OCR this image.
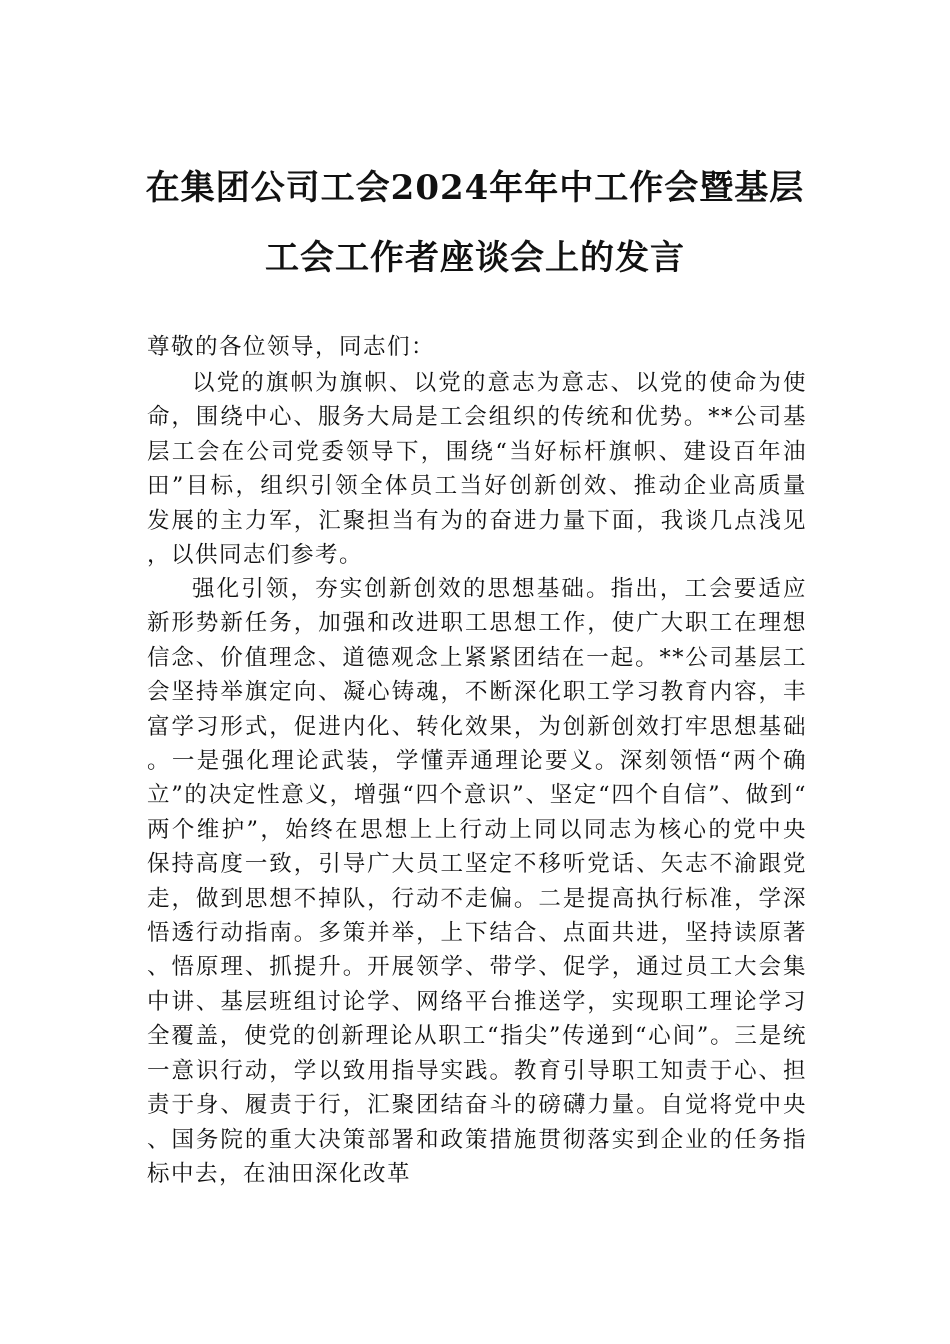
在集团公司工会2024年年中工作会暨基层
工会工作者座谈会上的发言
尊敬的各位领导，同志们：
以党的旗帜为旗帜、以党的意志为意志、以党的使命为使命，围绕中心、服务大局是工会组织的传统和优势。**公司基层工会在公司党委领导下，围绕“当好标杆旗帜、建设百年油田”目标，组织引领全体员工当好创新创效、推动企业高质量发展的主力军，汇聚担当有为的奋进力量下面，我谈几点浅见，以供同志们参考。
强化引领，夯实创新创效的思想基础。指出，工会要适应新形势新任务，加强和改进职工思想工作，使广大职工在理想信念、价值理念、道德观念上紧紧团结在一起。**公司基层工会坚持举旗定向、凝心铸魂，不断深化职工学习教育内容，丰富学习形式，促进内化、转化效果，为创新创效打牢思想基础。一是强化理论武装，学懂弄通理论要义。深刻领悟“两个确立”的决定性意义，增强“四个意识”、坚定“四个自信”、做到“两个维护”，始终在思想上上行动上同以同志为核心的党中央保持高度一致，引导广大员工坚定不移听党话、矢志不渝跟党走，做到思想不掉队，行动不走偏。二是提高执行标准，学深悟透行动指南。多策并举，上下结合、点面共进，坚持读原著、悟原理、抓提升。开展领学、带学、促学，通过员工大会集中讲、基层班组讨论学、网络平台推送学，实现职工理论学习全覆盖，使党的创新理论从职工“指尖”传递到“心间”。三是统一意识行动，学以致用指导实践。教育引导职工知责于心、担责于身、履责于行，汇聚团结奋斗的磅礴力量。自觉将党中央、国务院的重大决策部署和政策措施贯彻落实到企业的任务指标中去，在油田深化改革
